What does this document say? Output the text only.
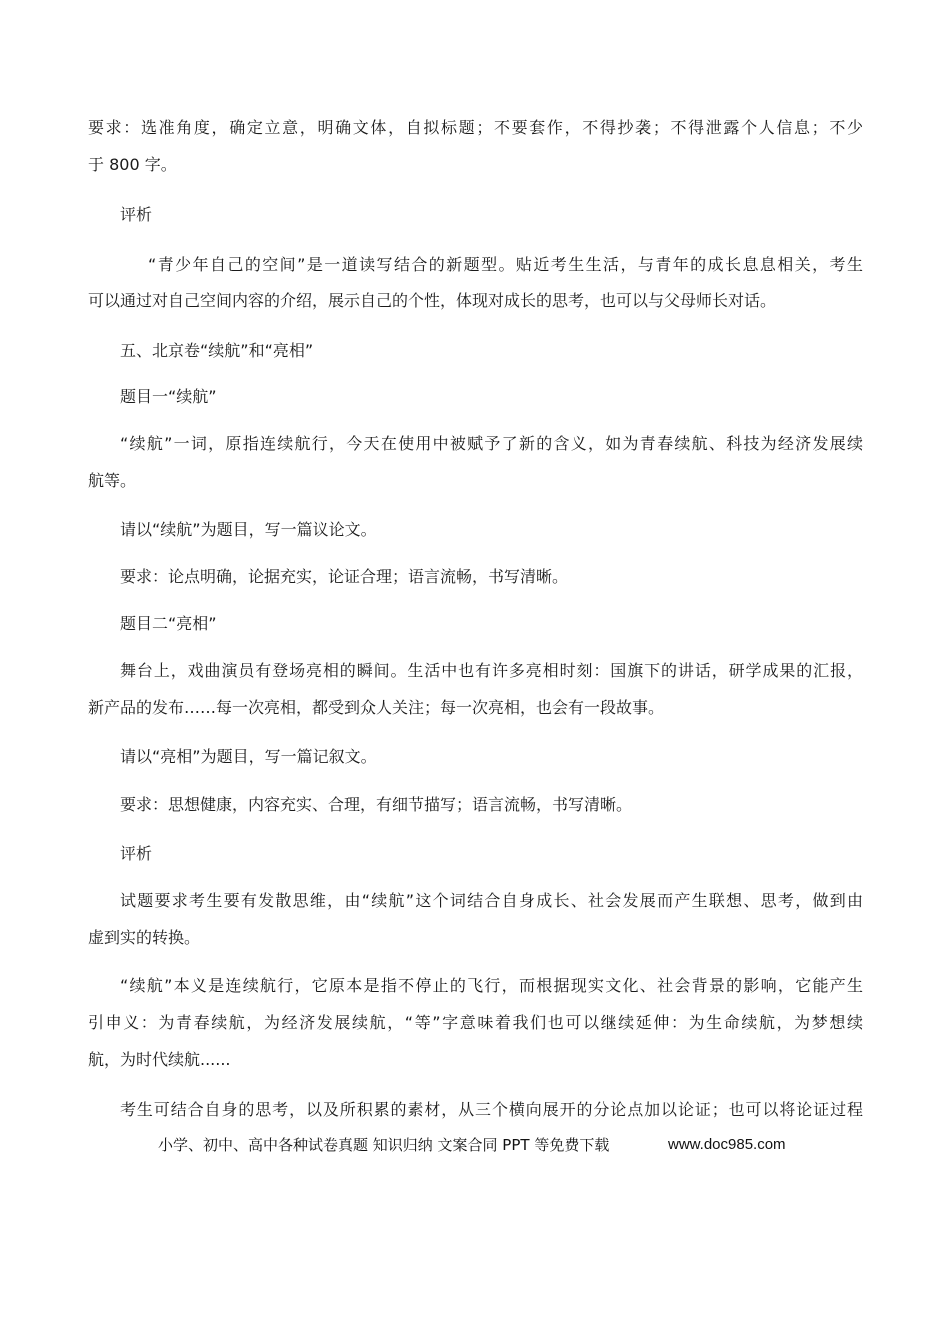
要求：选准角度，确定立意，明确文体，自拟标题；不要套作，不得抄袭；不得泄露个人信息；不少
于 800 字。
评析
“青少年自己的空间”是一道读写结合的新题型。贴近考生生活，与青年的成长息息相关，考生
可以通过对自己空间内容的介绍，展示自己的个性，体现对成长的思考，也可以与父母师长对话。
五、北京卷“续航”和“亮相”
题目一“续航”
“续航”一词，原指连续航行，今天在使用中被赋予了新的含义，如为青春续航、科技为经济发展续
航等。
请以“续航”为题目，写一篇议论文。
要求：论点明确，论据充实，论证合理；语言流畅，书写清晰。
题目二“亮相”
舞台上，戏曲演员有登场亮相的瞬间。生活中也有许多亮相时刻：国旗下的讲话，研学成果的汇报，
新产品的发布……每一次亮相，都受到众人关注；每一次亮相，也会有一段故事。
请以“亮相”为题目，写一篇记叙文。
要求：思想健康，内容充实、合理，有细节描写；语言流畅，书写清晰。
评析
试题要求考生要有发散思维，由“续航”这个词结合自身成长、社会发展而产生联想、思考，做到由
虚到实的转换。
“续航”本义是连续航行，它原本是指不停止的飞行，而根据现实文化、社会背景的影响，它能产生
引申义：为青春续航，为经济发展续航，“等”字意味着我们也可以继续延伸：为生命续航，为梦想续
航，为时代续航......
考生可结合自身的思考，以及所积累的素材，从三个横向展开的分论点加以论证；也可以将论证过程
小学、初中、高中各种试卷真题 知识归纳 文案合同 PPT 等免费下载	www.doc985.com
